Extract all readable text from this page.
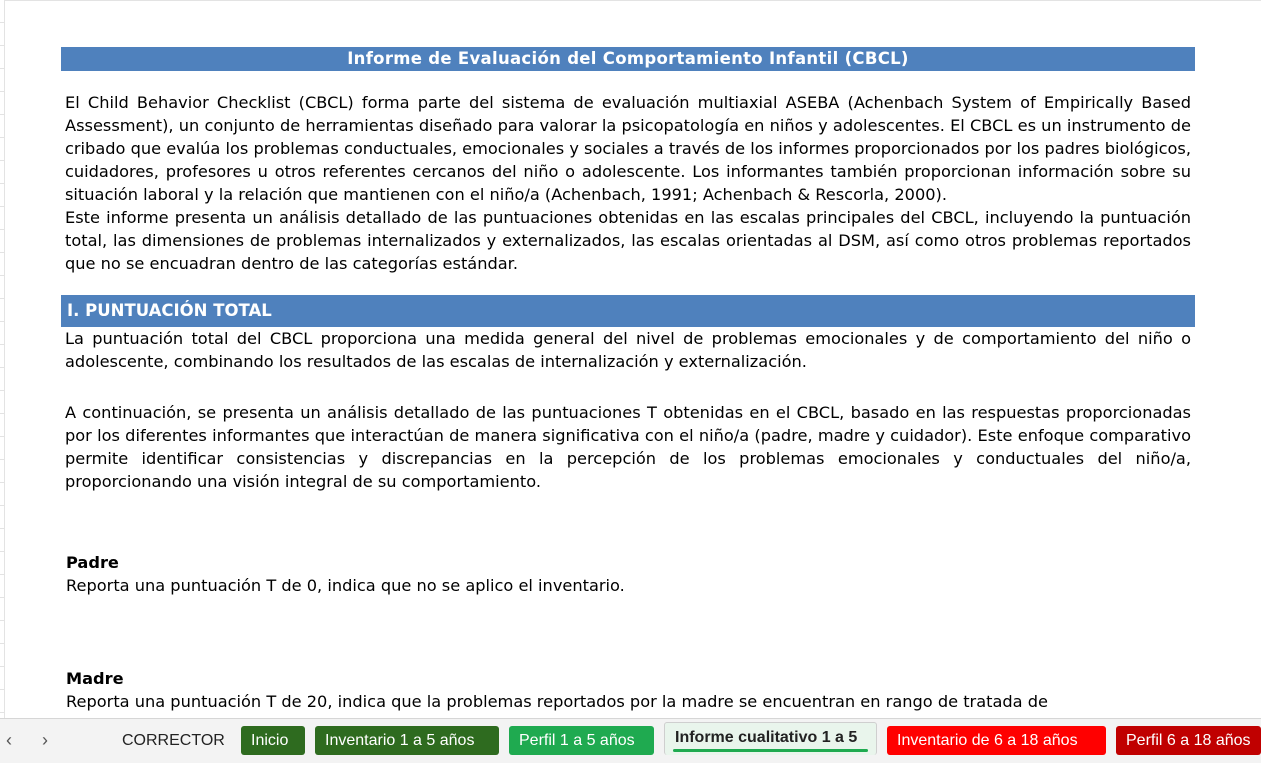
Informe de Evaluación del Comportamiento Infantil (CBCL)

El Child Behavior Checklist (CBCL) forma parte del sistema de evaluación multiaxial ASEBA (Achenbach System of Empirically Based Assessment), un conjunto de herramientas diseñado para valorar la psicopatología en niños y adolescentes. El CBCL es un instrumento de cribado que evalúa los problemas conductuales, emocionales y sociales a través de los informes proporcionados por los padres biológicos, cuidadores, profesores u otros referentes cercanos del niño o adolescente. Los informantes también proporcionan información sobre su situación laboral y la relación que mantienen con el niño/a (Achenbach, 1991; Achenbach & Rescorla, 2000).

Este informe presenta un análisis detallado de las puntuaciones obtenidas en las escalas principales del CBCL, incluyendo la puntuación total, las dimensiones de problemas internalizados y externalizados, las escalas orientadas al DSM, así como otros problemas reportados que no se encuadran dentro de las categorías estándar.

I. PUNTUACIÓN TOTAL

La puntuación total del CBCL proporciona una medida general del nivel de problemas emocionales y de comportamiento del niño o adolescente, combinando los resultados de las escalas de internalización y externalización.

A continuación, se presenta un análisis detallado de las puntuaciones T obtenidas en el CBCL, basado en las respuestas proporcionadas por los diferentes informantes que interactúan de manera significativa con el niño/a (padre, madre y cuidador). Este enfoque comparativo permite identificar consistencias y discrepancias en la percepción de los problemas emocionales y conductuales del niño/a, proporcionando una visión integral de su comportamiento.

Padre
Reporta una puntuación T de 0, indica que no se aplico el inventario.
Madre
Reporta una puntuación T de 20, indica que la problemas reportados por la madre se encuentran en rango de tratada de
‹	›	CORRECTOR	Inicio	Inventario 1 a 5 años	Perfil 1 a 5 años	Informe cualitativo 1 a 5	Inventario de 6 a 18 años	Perfil 6 a 18 años
